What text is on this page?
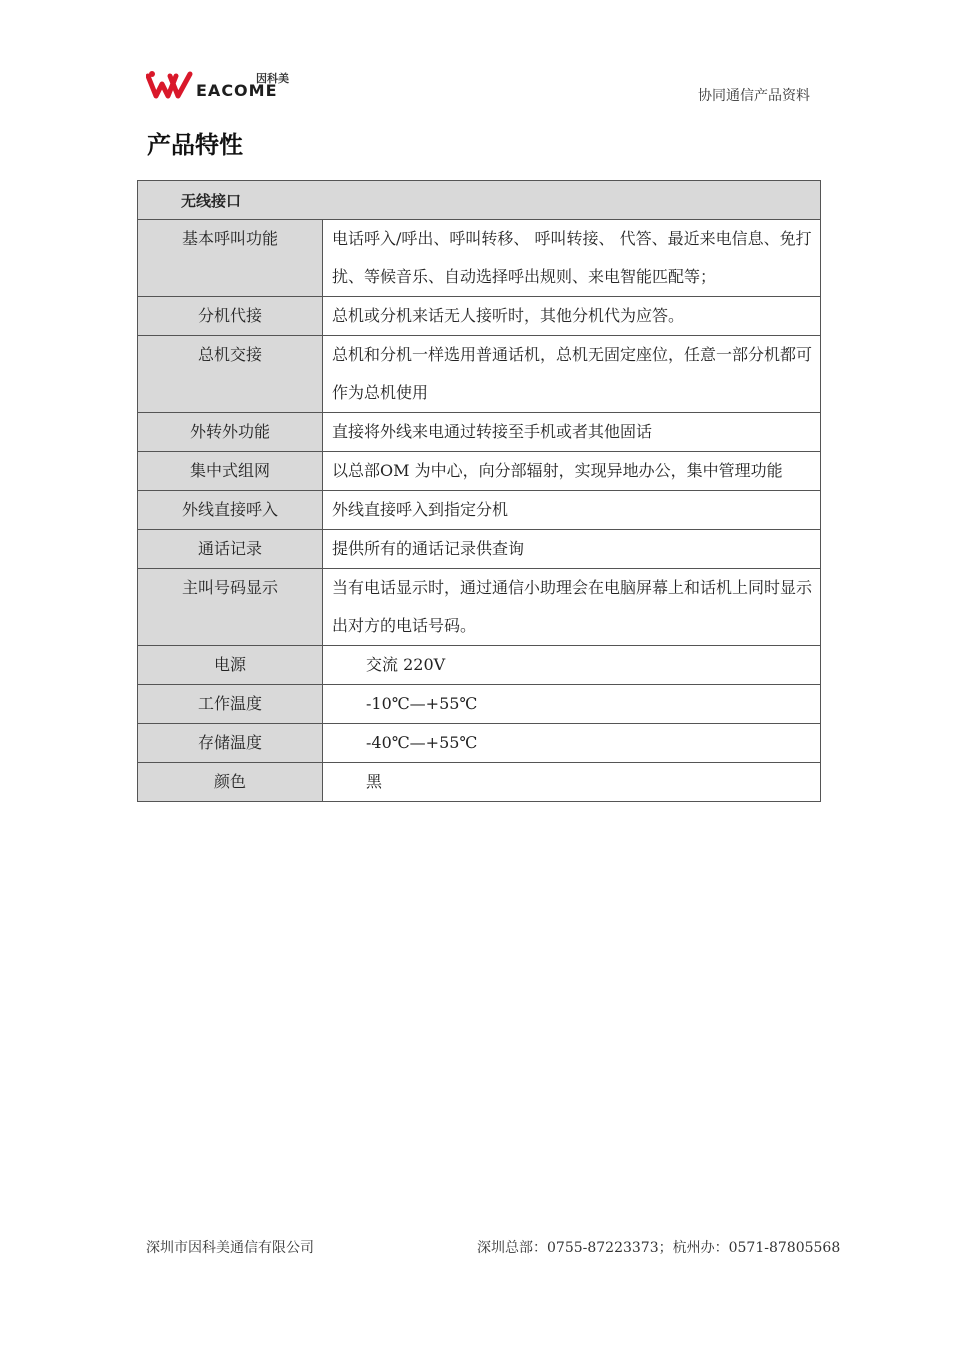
因科美
EACOME	协同通信产品资料
产品特性
无线接口	

基本呼叫功能	电话呼入/呼出、呼叫转移、 呼叫转接、 代答、最近来电信息、免打扰、等候音乐、自动选择呼出规则、来电智能匹配等；

分机代接	总机或分机来话无人接听时，其他分机代为应答。

总机交接	总机和分机一样选用普通话机，总机无固定座位，任意一部分机都可作为总机使用

外转外功能	直接将外线来电通过转接至手机或者其他固话

集中式组网	以总部OM 为中心，向分部辐射，实现异地办公，集中管理功能

外线直接呼入	外线直接呼入到指定分机

通话记录	提供所有的通话记录供查询

主叫号码显示	当有电话显示时，通过通信小助理会在电脑屏幕上和话机上同时显示出对方的电话号码。

电源	交流 220V

工作温度	-10℃—+55℃

存储温度	-40℃—+55℃

颜色	黑
深圳市因科美通信有限公司	深圳总部：0755-87223373；杭州办：0571-87805568
